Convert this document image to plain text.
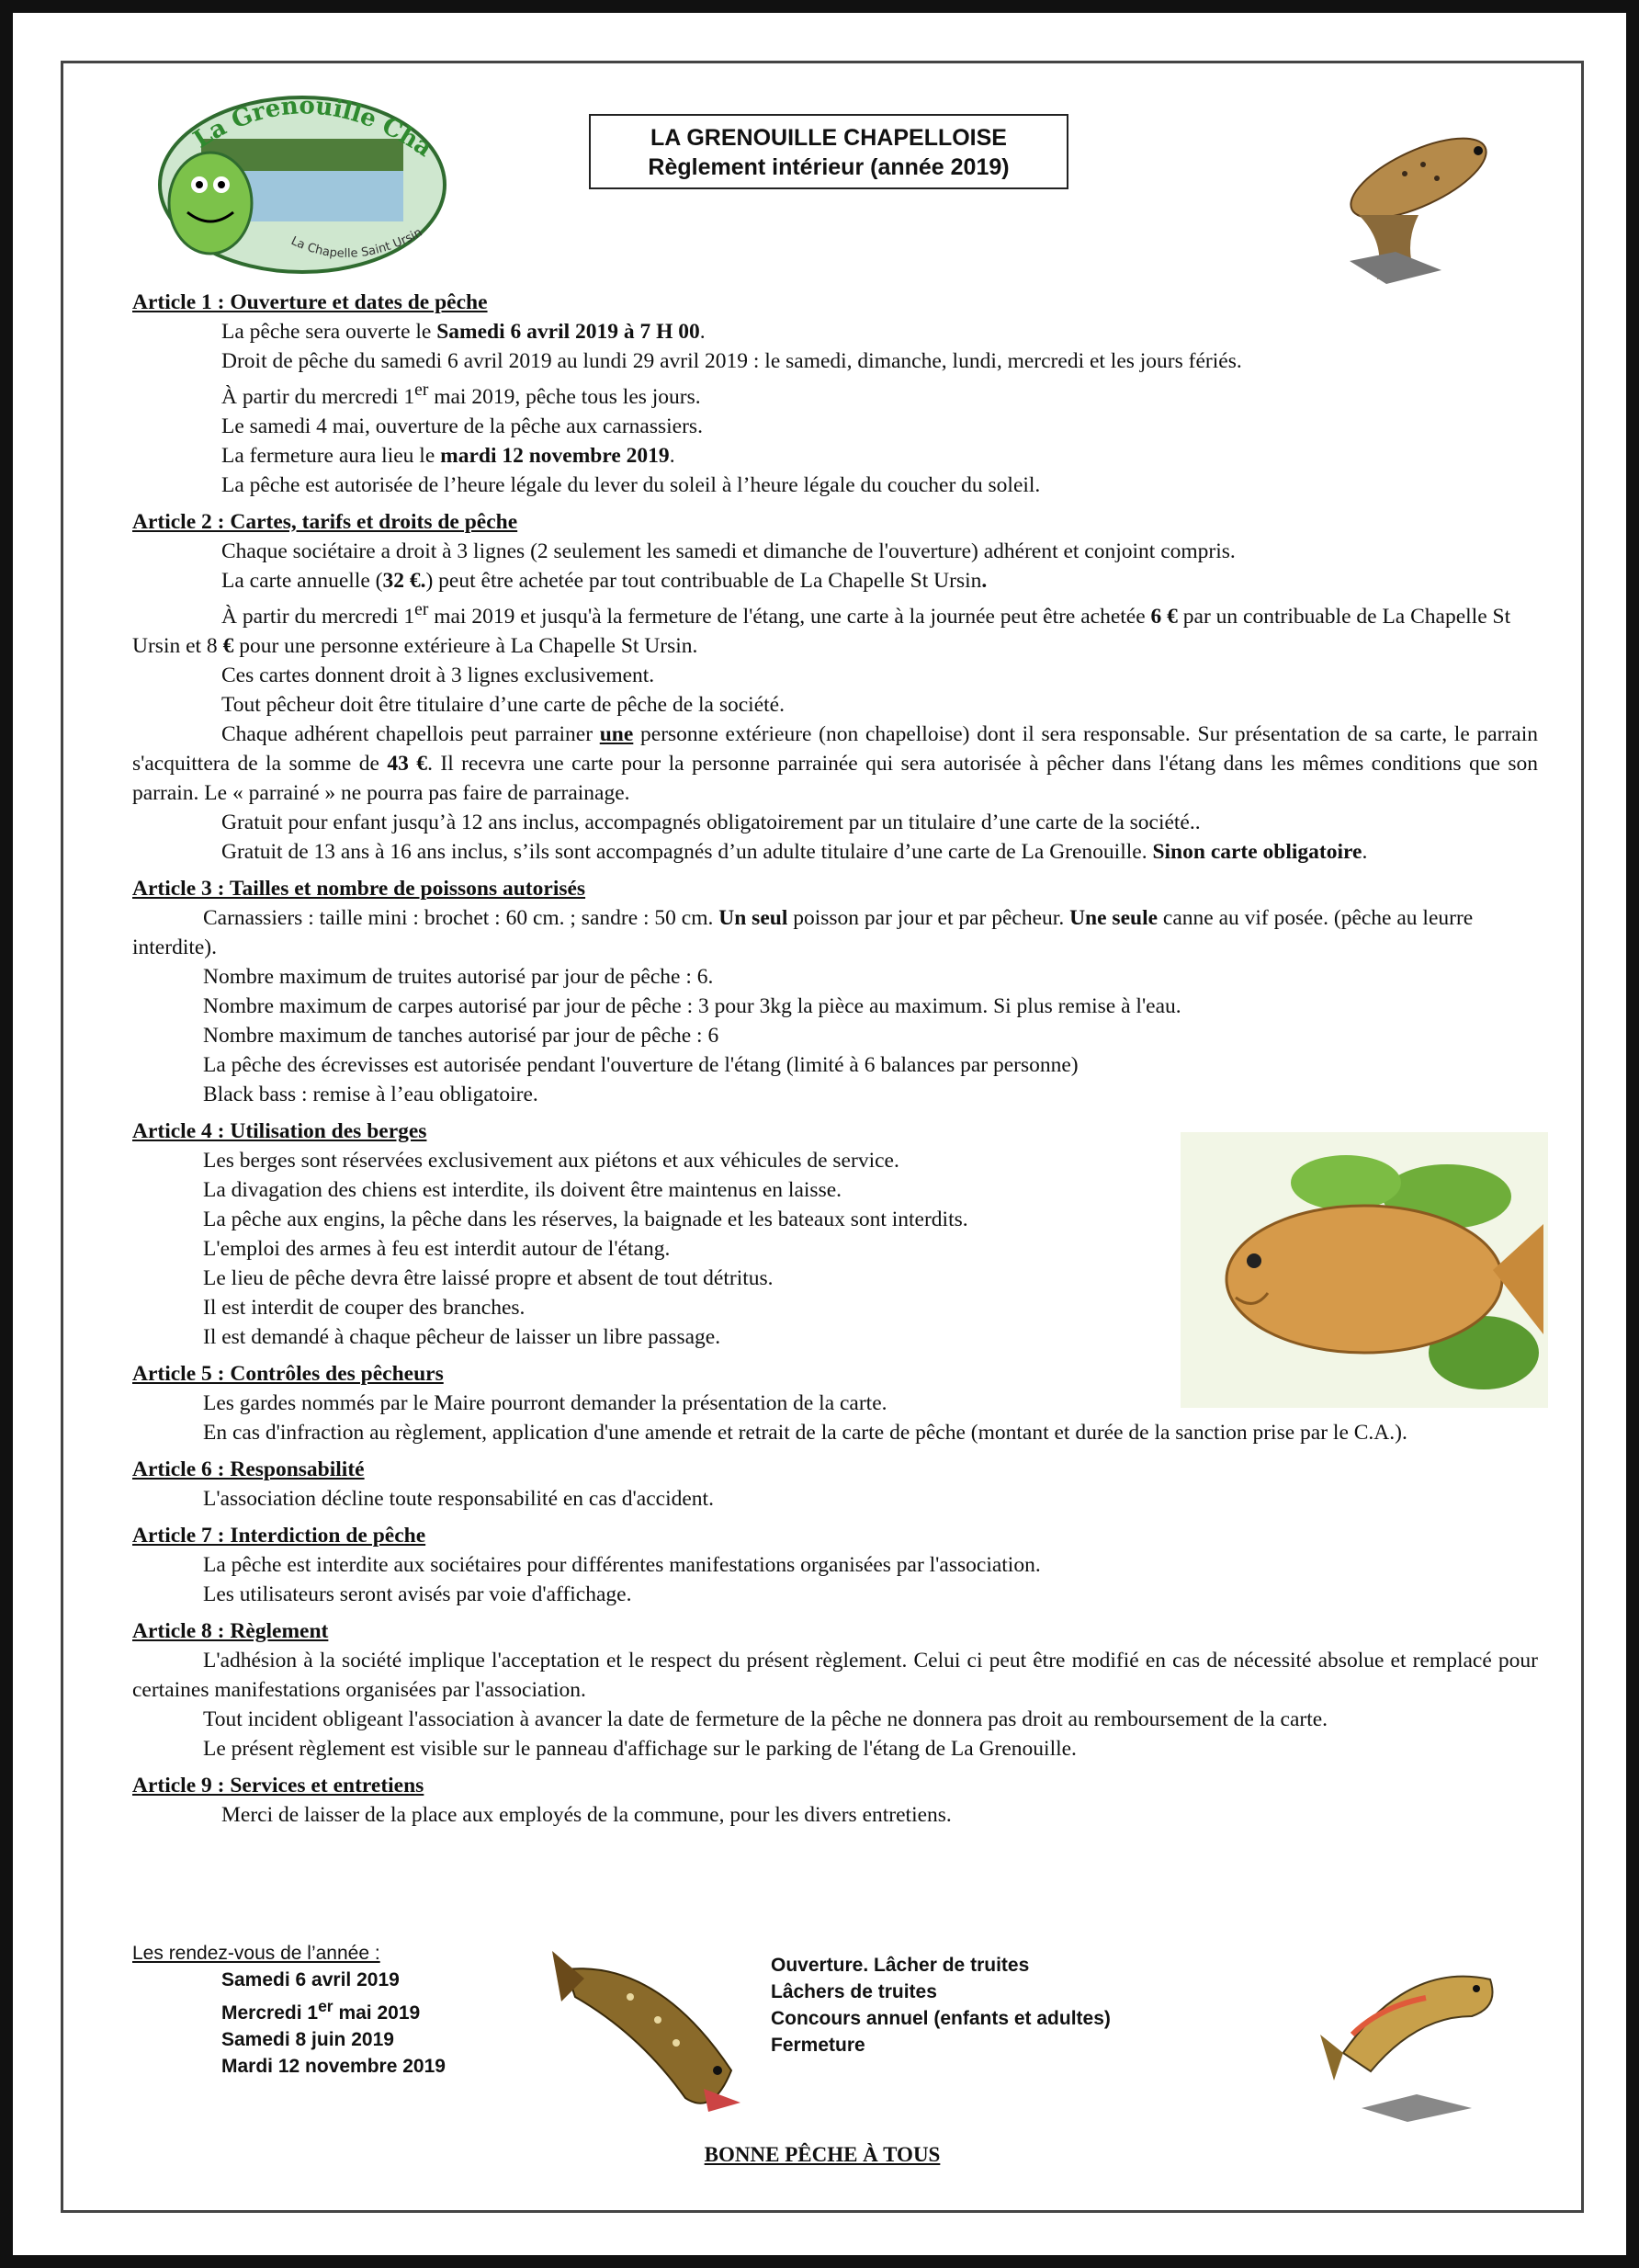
La Grenouille Cha
La Chapelle Saint Ursin
LA GRENOUILLE CHAPELLOISE
Règlement intérieur (année 2019)
Article 1 : Ouverture et dates de pêche

La pêche sera ouverte le Samedi 6 avril 2019 à 7 H 00.

Droit de pêche du samedi 6 avril 2019 au lundi 29 avril 2019 : le samedi, dimanche, lundi, mercredi et les jours fériés.

À partir du mercredi 1er mai 2019, pêche tous les jours.

Le samedi 4 mai, ouverture de la pêche aux carnassiers.

La fermeture aura lieu le mardi 12 novembre 2019.

La pêche est autorisée de l’heure légale du lever du soleil à l’heure légale du coucher du soleil.

Article 2 : Cartes, tarifs et droits de pêche

Chaque sociétaire a droit à 3 lignes (2 seulement les samedi et dimanche de l'ouverture) adhérent et conjoint compris.

La carte annuelle (32 €.) peut être achetée par tout contribuable de La Chapelle St Ursin.

À partir du mercredi 1er mai 2019 et jusqu'à la fermeture de l'étang, une carte à la journée peut être achetée 6 € par un contribuable de La Chapelle St Ursin et 8 € pour une personne extérieure à La Chapelle St Ursin.

Ces cartes donnent droit à 3 lignes exclusivement.

Tout pêcheur doit être titulaire d’une carte de pêche de la société.

Chaque adhérent chapellois peut parrainer une personne extérieure (non chapelloise) dont il sera responsable. Sur présentation de sa carte, le parrain s'acquittera de la somme de 43 €. Il recevra une carte pour la personne parrainée qui sera autorisée à pêcher dans l'étang dans les mêmes conditions que son parrain. Le « parrainé » ne pourra pas faire de parrainage.

Gratuit pour enfant jusqu’à 12 ans inclus, accompagnés obligatoirement par un titulaire d’une carte de la société..

Gratuit de 13 ans à 16 ans inclus, s’ils sont accompagnés d’un adulte titulaire d’une carte de La Grenouille. Sinon carte obligatoire.

Article 3 : Tailles et nombre de poissons autorisés

Carnassiers : taille mini : brochet : 60 cm. ; sandre : 50 cm. Un seul poisson par jour et par pêcheur. Une seule canne au vif posée. (pêche au leurre interdite).

Nombre maximum de truites autorisé par jour de pêche : 6.

Nombre maximum de carpes autorisé par jour de pêche : 3 pour 3kg la pièce au maximum. Si plus remise à l'eau.

Nombre maximum de tanches autorisé par jour de pêche : 6

La pêche des écrevisses est autorisée pendant l'ouverture de l'étang (limité à 6 balances par personne)

Black bass : remise à l’eau obligatoire.

Article 4 : Utilisation des berges

Les berges sont réservées exclusivement aux piétons et aux véhicules de service.

La divagation des chiens est interdite, ils doivent être maintenus en laisse.

La pêche aux engins, la pêche dans les réserves, la baignade et les bateaux sont interdits.

L'emploi des armes à feu est interdit autour de l'étang.

Le lieu de pêche devra être laissé propre et absent de tout détritus.

Il est interdit de couper des branches.

Il est demandé à chaque pêcheur de laisser un libre passage.

Article 5 : Contrôles des pêcheurs

Les gardes nommés par le Maire pourront demander la présentation de la carte.

En cas d'infraction au règlement, application d'une amende et retrait de la carte de pêche (montant et durée de la sanction prise par le C.A.).

Article 6 : Responsabilité

L'association décline toute responsabilité en cas d'accident.

Article 7 : Interdiction de pêche

La pêche est interdite aux sociétaires pour différentes manifestations organisées par l'association.

Les utilisateurs seront avisés par voie d'affichage.

Article 8 : Règlement

L'adhésion à la société implique l'acceptation et le respect du présent règlement. Celui ci peut être modifié en cas de nécessité absolue et remplacé pour certaines manifestations organisées par l'association.

Tout incident obligeant l'association à avancer la date de fermeture de la pêche ne donnera pas droit au remboursement de la carte.

Le présent règlement est visible sur le panneau d'affichage sur le parking de l'étang de La Grenouille.

Article 9 : Services et entretiens

Merci de laisser de la place aux employés de la commune, pour les divers entretiens.

Les rendez-vous de l’année :
Samedi 6 avril 2019
Mercredi 1er mai 2019
Samedi 8 juin 2019
Mardi 12 novembre 2019
Ouverture. Lâcher de truites
Lâchers de truites
Concours annuel (enfants et adultes)
Fermeture
BONNE PÊCHE À TOUS
